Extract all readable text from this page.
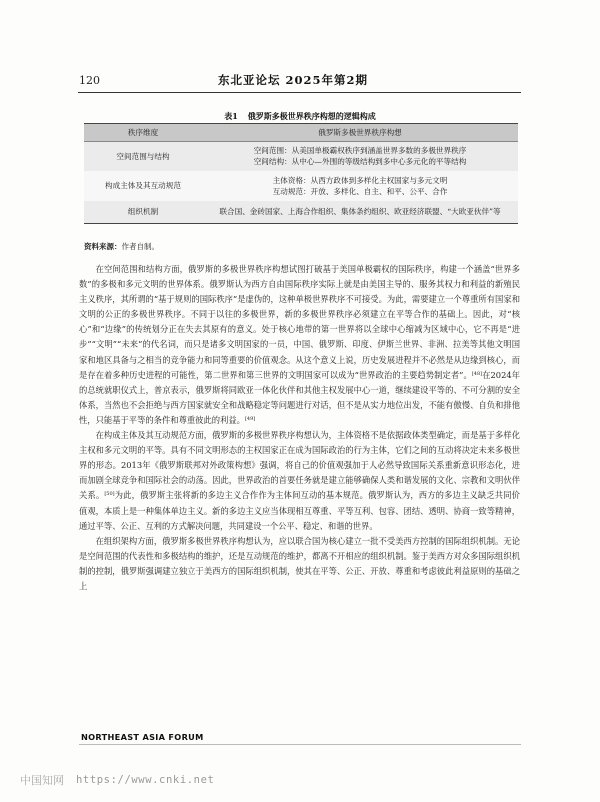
120	东北亚论坛 2025年第2期
表1 俄罗斯多极世界秩序构想的逻辑构成
秩序维度	俄罗斯多极世界秩序构想
空间范围与结构	空间范围：从美国单极霸权秩序到涵盖世界多数的多极世界秩序
空间结构：从中心—外围的等级结构到多中心多元化的平等结构

构成主体及其互动规范	主体资格：从西方政体到多样化主权国家与多元文明
互动规范：开放、多样化、自主、和平、公平、合作

组织机制	联合国、金砖国家、上海合作组织、集体条约组织、欧亚经济联盟、“大欧亚伙伴”等
资料来源：作者自制。

在空间范围和结构方面，俄罗斯的多极世界秩序构想试图打破基于美国单极霸权的国际秩序，构建一个涵盖“世界多数”的多极和多元文明的世界体系。俄罗斯认为西方自由国际秩序实际上就是由美国主导的、服务其权力和利益的新殖民主义秩序，其所谓的“基于规则的国际秩序”是虚伪的，这种单极世界秩序不可接受。为此，需要建立一个尊重所有国家和文明的公正的多极世界秩序。不同于以往的多极世界，新的多极世界秩序必须建立在平等合作的基础上。因此，对“核心”和“边缘”的传统划分正在失去其原有的意义。处于核心地带的第一世界将以全球中心缩减为区域中心，它不再是“进步”“文明”“未来”的代名词，而只是诸多文明国家的一员，中国、俄罗斯、印度、伊斯兰世界、非洲、拉美等其他文明国家和地区具备与之相当的竞争能力和同等重要的价值观念。从这个意义上说，历史发展进程并不必然是从边缘到核心，而是存在着多种历史进程的可能性，第二世界和第三世界的文明国家可以成为“世界政治的主要趋势制定者”。[48]在2024年的总统就职仪式上，普京表示，俄罗斯将同欧亚一体化伙伴和其他主权发展中心一道，继续建设平等的、不可分割的安全体系，当然也不会拒绝与西方国家就安全和战略稳定等问题进行对话，但不是从实力地位出发，不能有傲慢、自负和排他性，只能基于平等的条件和尊重彼此的利益。[49]

在构成主体及其互动规范方面，俄罗斯的多极世界秩序构想认为，主体资格不是依据政体类型确定，而是基于多样化主权和多元文明的平等。具有不同文明形态的主权国家正在成为国际政治的行为主体，它们之间的互动将决定未来多极世界的形态。2013年《俄罗斯联邦对外政策构想》强调，将自己的价值观强加于人必然导致国际关系重新意识形态化，进而加剧全球竞争和国际社会的动荡。因此，世界政治的首要任务就是建立能够确保人类和谐发展的文化、宗教和文明伙伴关系。[50]为此，俄罗斯主张将新的多边主义合作作为主体间互动的基本规范。俄罗斯认为，西方的多边主义缺乏共同价值观，本质上是一种集体单边主义。新的多边主义应当体现相互尊重、平等互利、包容、团结、透明、协商一致等精神，通过平等、公正、互利的方式解决问题，共同建设一个公平、稳定、和谐的世界。

在组织架构方面，俄罗斯多极世界秩序构想认为，应以联合国为核心建立一批不受美西方控制的国际组织机制。无论是空间范围的代表性和多极结构的维护，还是互动规范的维护，都离不开相应的组织机制。鉴于美西方对众多国际组织机制的控制，俄罗斯强调建立独立于美西方的国际组织机制，使其在平等、公正、开放、尊重和考虑彼此利益原则的基础之上

NORTHEAST ASIA FORUM
中国知网 https://www.cnki.net
